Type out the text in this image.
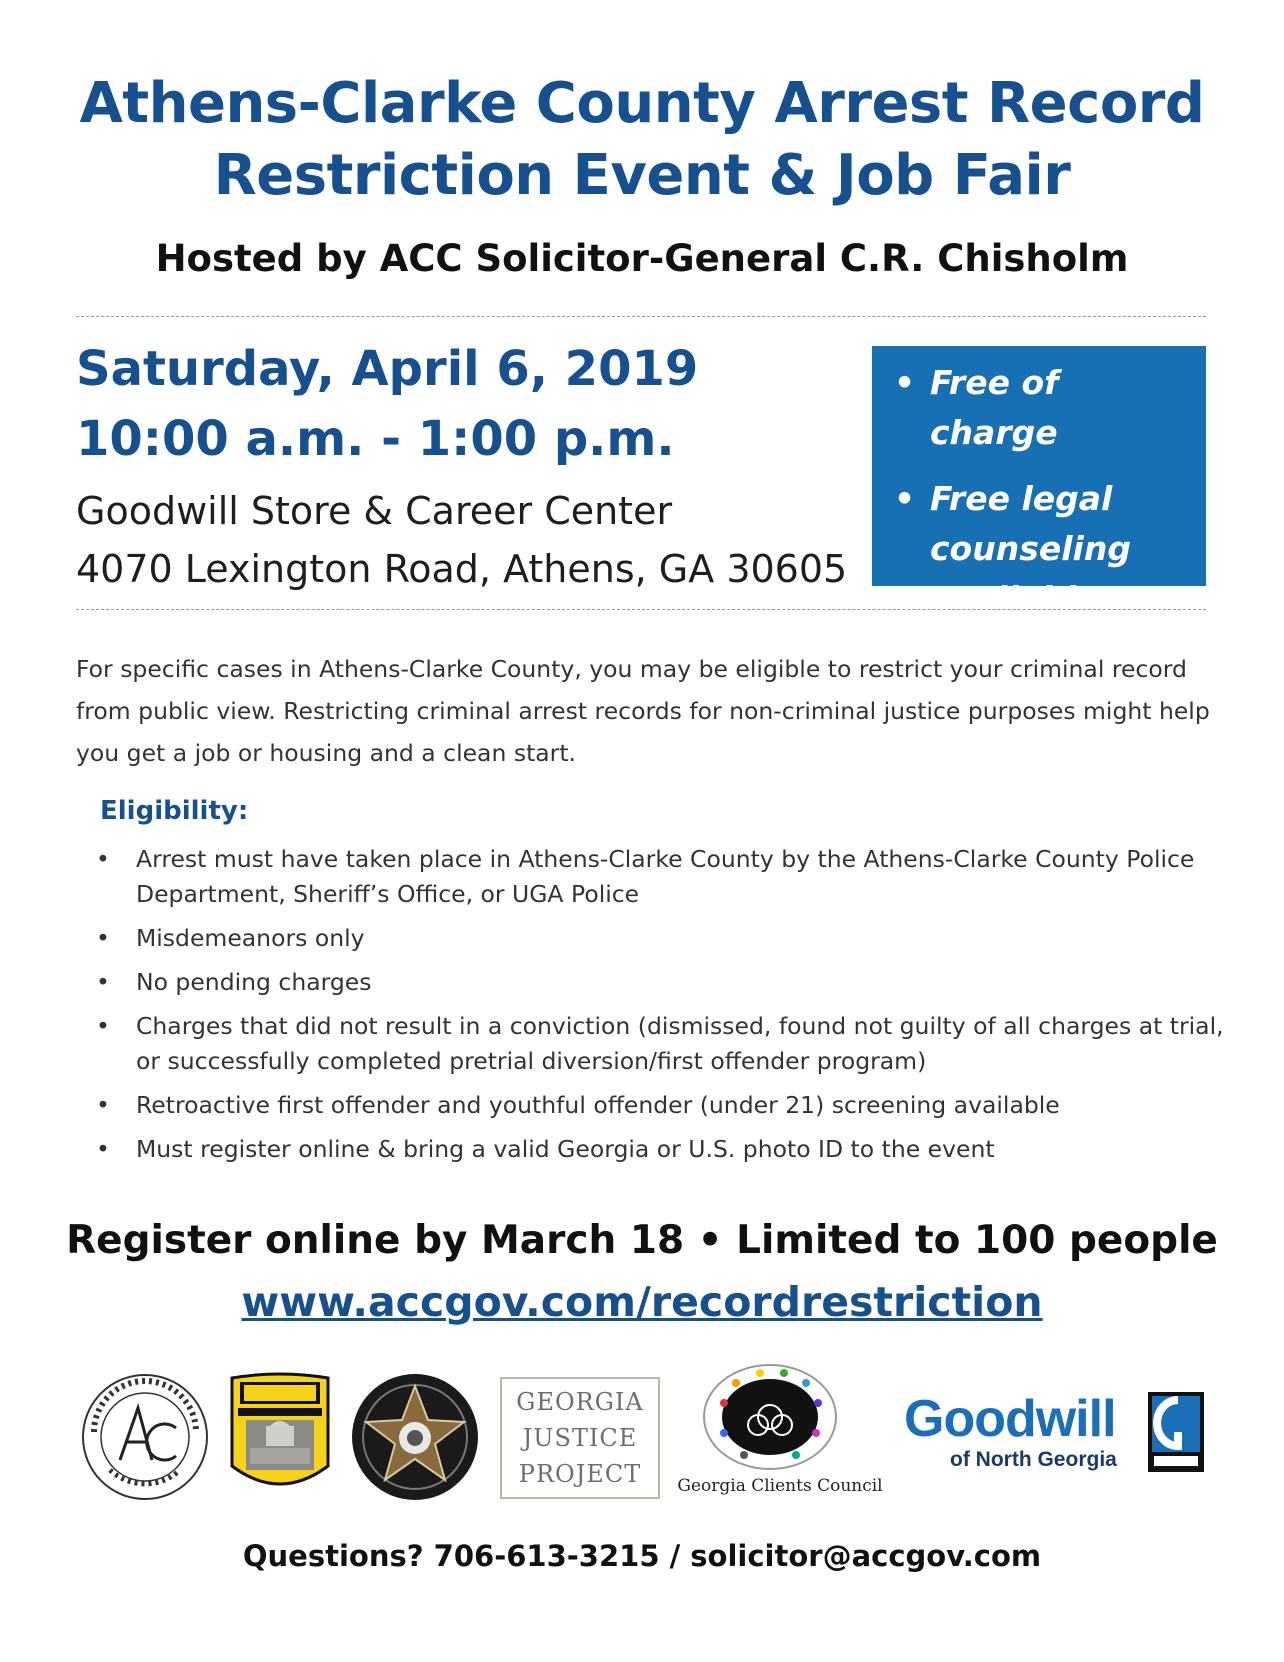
Athens-Clarke County Arrest Record
Restriction Event & Job Fair
Hosted by ACC Solicitor-General C.R. Chisholm
Saturday, April 6, 2019
10:00 a.m. - 1:00 p.m.
Goodwill Store & Career Center
4070 Lexington Road, Athens, GA 30605
• Free of charge
• Free legal counseling available
For specific cases in Athens-Clarke County, you may be eligible to restrict your criminal record from public view. Restricting criminal arrest records for non-criminal justice purposes might help you get a job or housing and a clean start.
Eligibility:
• Arrest must have taken place in Athens-Clarke County by the Athens-Clarke County Police Department, Sheriff’s Office, or UGA Police
• Misdemeanors only
• No pending charges
• Charges that did not result in a conviction (dismissed, found not guilty of all charges at trial, or successfully completed pretrial diversion/first offender program)
• Retroactive first offender and youthful offender (under 21) screening available
• Must register online & bring a valid Georgia or U.S. photo ID to the event
Register online by March 18 • Limited to 100 people
www.accgov.com/recordrestriction
GEORGIA
JUSTICE
PROJECT	Georgia Clients Council
Goodwill
of North Georgia
Questions? 706-613-3215 / solicitor@accgov.com
